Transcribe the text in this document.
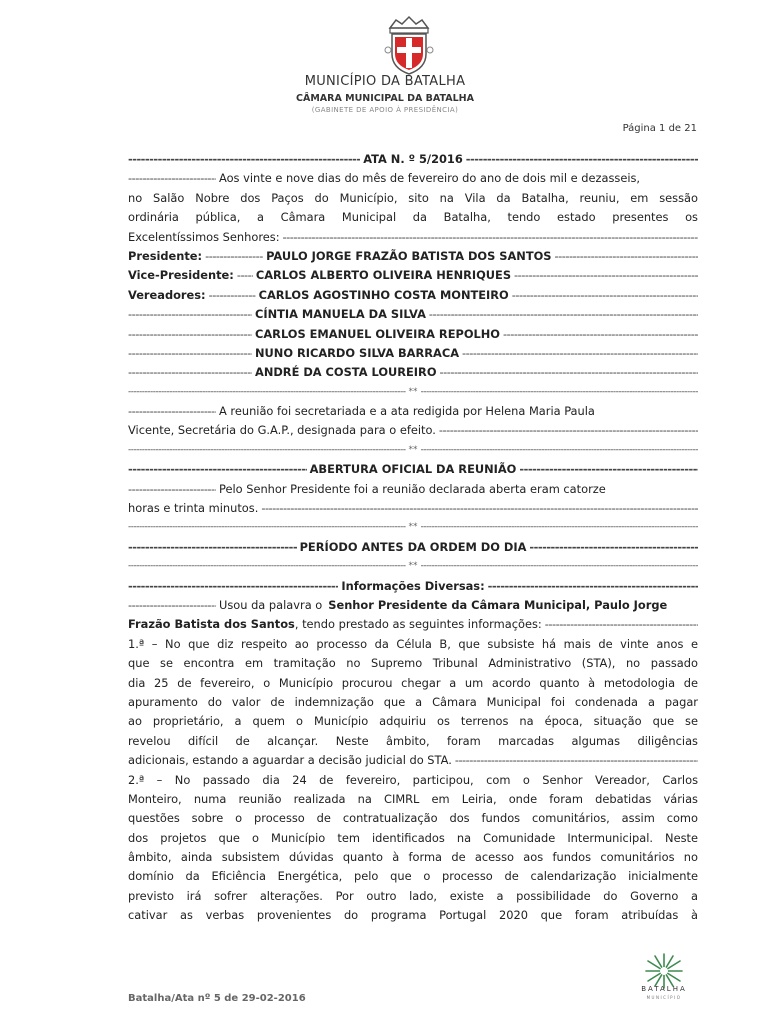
MUNICÍPIO DA BATALHA
CÂMARA MUNICIPAL DA BATALHA
(GABINETE DE APOIO À PRESIDÊNCIA)
Página 1 de 21
-----
ATA N. º 5/2016
-----
-----
Aos vinte e nove dias do mês de fevereiro do ano de dois mil e dezasseis,
no Salão Nobre dos Paços do Município, sito na Vila da Batalha, reuniu, em sessão
ordinária pública, a Câmara Municipal da Batalha, tendo estado presentes os
Excelentíssimos Senhores:
-----
Presidente: -----	PAULO JORGE FRAZÃO BATISTA DOS SANTOS
-----
Vice-Presidente: ----- CARLOS ALBERTO OLIVEIRA HENRIQUES
-----
Vereadores: -----	CARLOS AGOSTINHO COSTA MONTEIRO
-----
-----
CÍNTIA MANUELA DA SILVA
-----
-----
CARLOS EMANUEL OLIVEIRA REPOLHO
-----
-----
NUNO RICARDO SILVA BARRACA
-----
-----
ANDRÉ DA COSTA LOUREIRO
-----
-----
**
-----
-----
A reunião foi secretariada e a ata redigida por Helena Maria Paula
Vicente, Secretária do G.A.P., designada para o efeito.
-----
-----
**
-----
-----
ABERTURA OFICIAL DA REUNIÃO
-----
-----
Pelo Senhor Presidente foi a reunião declarada aberta eram catorze
horas e trinta minutos.
-----
-----
**
-----
-----
PERÍODO ANTES DA ORDEM DO DIA
-----
-----
**
-----
-----
Informações Diversas:
-----
-----
Usou da palavra o Senhor Presidente da Câmara Municipal, Paulo Jorge
Frazão Batista dos Santos , tendo prestado as seguintes informações:
-----
1.ª – No que diz respeito ao processo da Célula B, que subsiste há mais de vinte anos e
que se encontra em tramitação no Supremo Tribunal Administrativo (STA), no passado
dia 25 de fevereiro, o Município procurou chegar a um acordo quanto à metodologia de
apuramento do valor de indemnização que a Câmara Municipal foi condenada a pagar
ao proprietário, a quem o Município adquiriu os terrenos na época, situação que se
revelou difícil de alcançar. Neste âmbito, foram marcadas algumas diligências
adicionais, estando a aguardar a decisão judicial do STA.
-----
2.ª – No passado dia 24 de fevereiro, participou, com o Senhor Vereador, Carlos
Monteiro, numa reunião realizada na CIMRL em Leiria, onde foram debatidas várias
questões sobre o processo de contratualização dos fundos comunitários, assim como
dos projetos que o Município tem identificados na Comunidade Intermunicipal. Neste
âmbito, ainda subsistem dúvidas quanto à forma de acesso aos fundos comunitários no
domínio da Eficiência Energética, pelo que o processo de calendarização inicialmente
previsto irá sofrer alterações. Por outro lado, existe a possibilidade do Governo a
cativar as verbas provenientes do programa Portugal 2020 que foram atribuídas à
Batalha/Ata nº 5 de 29-02-2016
BATALHA
MUNICÍPIO
